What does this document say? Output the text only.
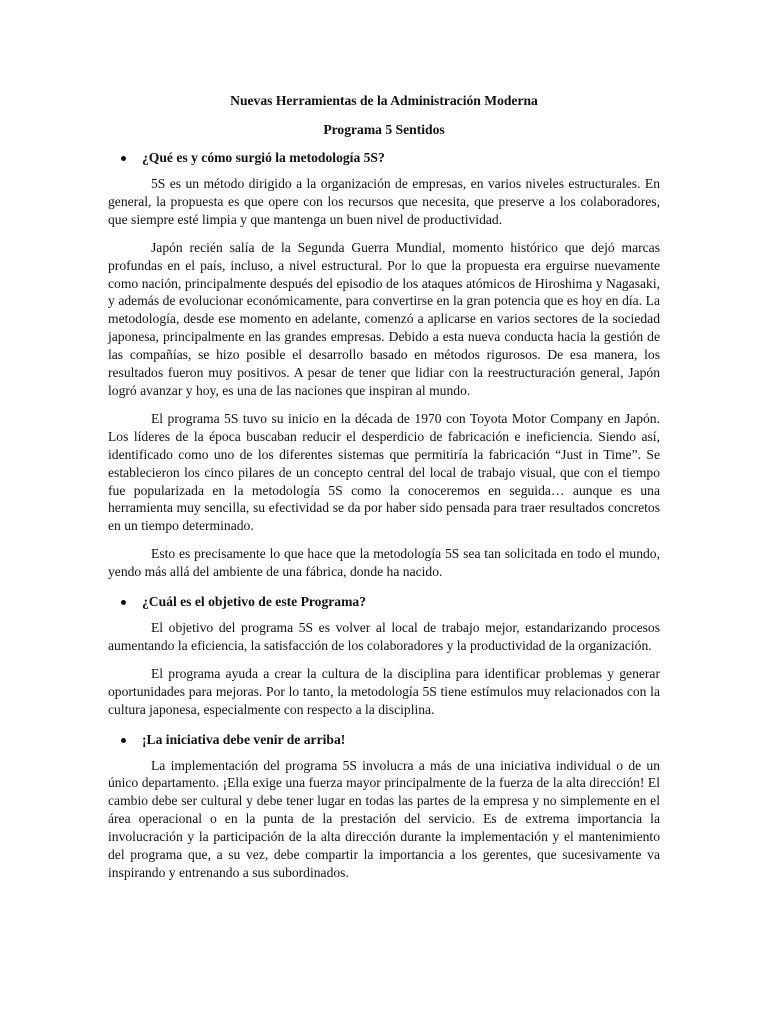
Nuevas Herramientas de la Administración Moderna
Programa 5 Sentidos
¿Qué es y cómo surgió la metodología 5S?

5S es un método dirigido a la organización de empresas, en varios niveles estructurales. En general, la propuesta es que opere con los recursos que necesita, que preserve a los colaboradores, que siempre esté limpia y que mantenga un buen nivel de productividad.

Japón recién salía de la Segunda Guerra Mundial, momento histórico que dejó marcas profundas en el país, incluso, a nivel estructural. Por lo que la propuesta era erguirse nuevamente como nación, principalmente después del episodio de los ataques atómicos de Hiroshima y Nagasaki, y además de evolucionar económicamente, para convertirse en la gran potencia que es hoy en día. La metodología, desde ese momento en adelante, comenzó a aplicarse en varios sectores de la sociedad japonesa, principalmente en las grandes empresas. Debido a esta nueva conducta hacia la gestión de las compañías, se hizo posible el desarrollo basado en métodos rigurosos. De esa manera, los resultados fueron muy positivos. A pesar de tener que lidiar con la reestructuración general, Japón logró avanzar y hoy, es una de las naciones que inspiran al mundo.

El programa 5S tuvo su inicio en la década de 1970 con Toyota Motor Company en Japón. Los líderes de la época buscaban reducir el desperdicio de fabricación e ineficiencia. Siendo así, identificado como uno de los diferentes sistemas que permitiría la fabricación “Just in Time”. Se establecieron los cinco pilares de un concepto central del local de trabajo visual, que con el tiempo fue popularizada en la metodología 5S como la conoceremos en seguida… aunque es una herramienta muy sencilla, su efectividad se da por haber sido pensada para traer resultados concretos en un tiempo determinado.

Esto es precisamente lo que hace que la metodología 5S sea tan solicitada en todo el mundo, yendo más allá del ambiente de una fábrica, donde ha nacido.

¿Cuál es el objetivo de este Programa?

El objetivo del programa 5S es volver al local de trabajo mejor, estandarizando procesos aumentando la eficiencia, la satisfacción de los colaboradores y la productividad de la organización.

El programa ayuda a crear la cultura de la disciplina para identificar problemas y generar oportunidades para mejoras. Por lo tanto, la metodología 5S tiene estímulos muy relacionados con la cultura japonesa, especialmente con respecto a la disciplina.

¡La iniciativa debe venir de arriba!

La implementación del programa 5S involucra a más de una iniciativa individual o de un único departamento. ¡Ella exige una fuerza mayor principalmente de la fuerza de la alta dirección! El cambio debe ser cultural y debe tener lugar en todas las partes de la empresa y no simplemente en el área operacional o en la punta de la prestación del servicio. Es de extrema importancia la involucración y la participación de la alta dirección durante la implementación y el mantenimiento del programa que, a su vez, debe compartir la importancia a los gerentes, que sucesivamente va inspirando y entrenando a sus subordinados.
